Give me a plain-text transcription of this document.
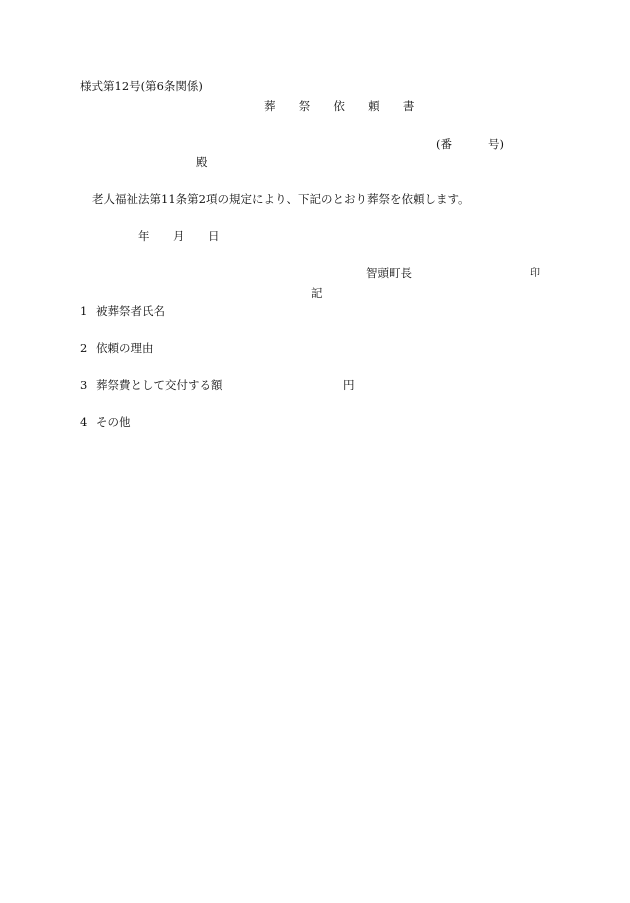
様式第12号(第6条関係)
葬 祭 依 頼 書
(番	号)
殿
老人福祉法第11条第2項の規定により、下記のとおり葬祭を依頼します。
年 月 日
智頭町長	印
記
1 被葬祭者氏名
2 依頼の理由
3 葬祭費として交付する額	円
4 その他
